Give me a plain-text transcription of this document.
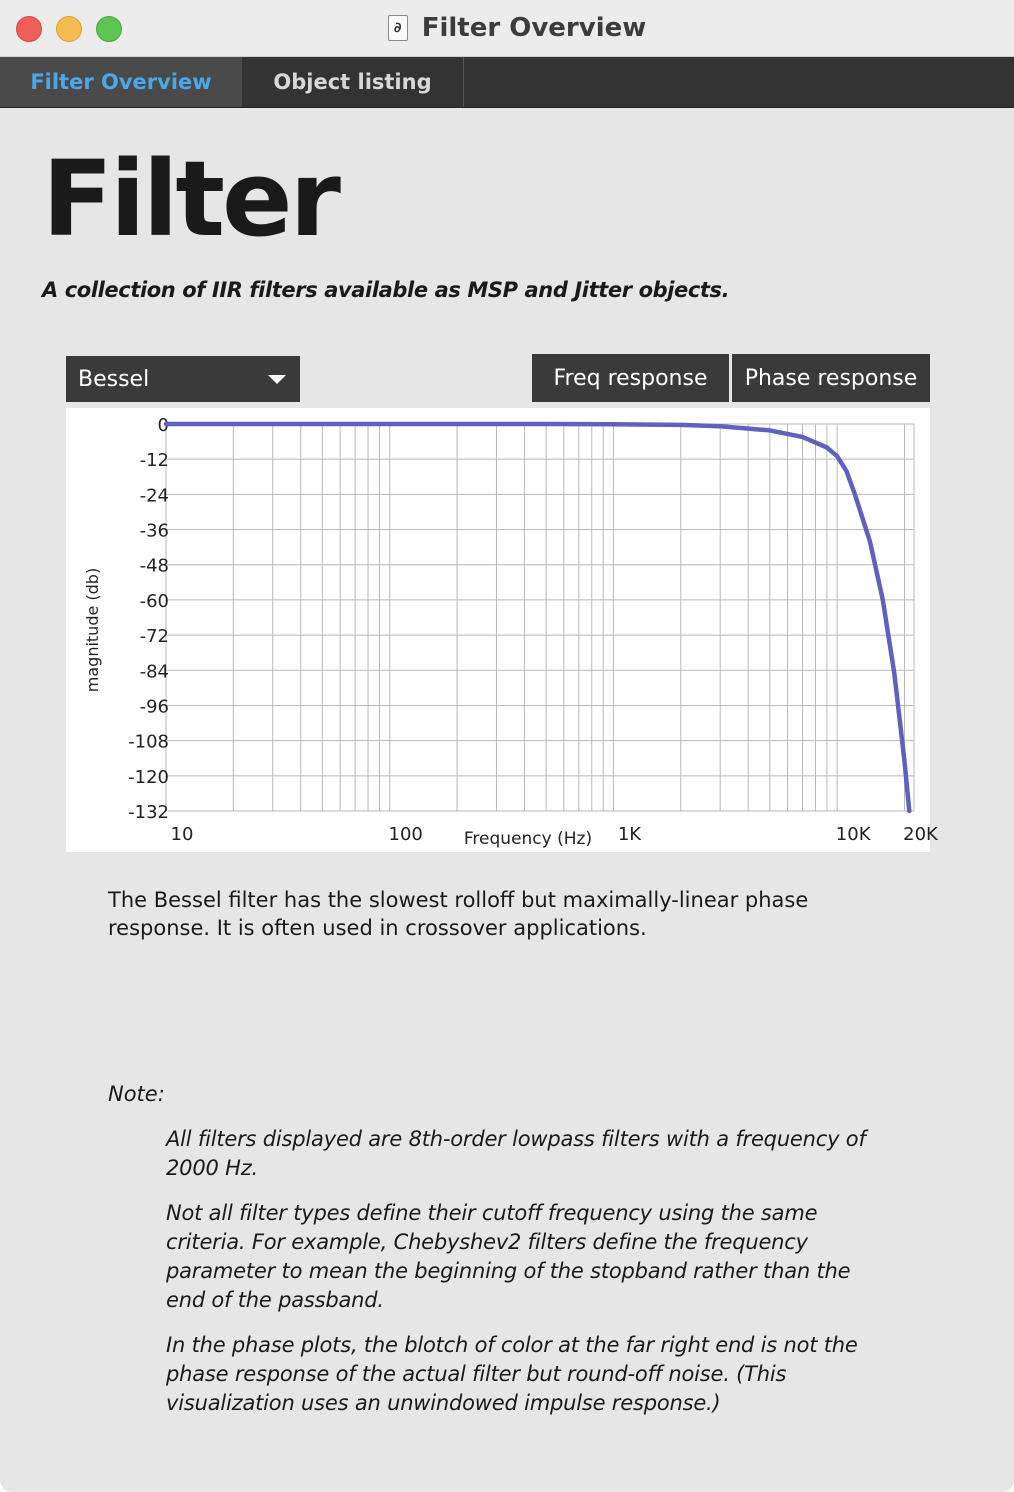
∂ Filter Overview
Filter Overview	Object listing
Filter
A collection of IIR filters available as MSP and Jitter objects.
Bessel	Freq response	Phase response
0
-12
-24
-36
-48
-60
-72
-84
-96
-108
-120
-132
10	100	1K	10K 20K
Frequency (Hz)
magnitude (db)
The Bessel filter has the slowest rolloff but maximally-linear phase response. It is often used in crossover applications.
Note:
All filters displayed are 8th-order lowpass filters with a frequency of 2000 Hz.
Not all filter types define their cutoff frequency using the same criteria. For example, Chebyshev2 filters define the frequency parameter to mean the beginning of the stopband rather than the end of the passband.
In the phase plots, the blotch of color at the far right end is not the phase response of the actual filter but round-off noise. (This visualization uses an unwindowed impulse response.)
